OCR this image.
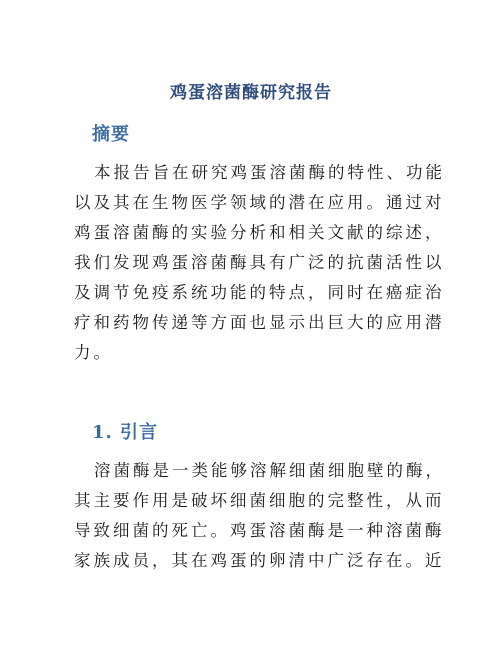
鸡蛋溶菌酶研究报告
摘要
本报告旨在研究鸡蛋溶菌酶的特性、功能
以及其在生物医学领域的潜在应用。通过对
鸡蛋溶菌酶的实验分析和相关文献的综述，
我们发现鸡蛋溶菌酶具有广泛的抗菌活性以
及调节免疫系统功能的特点，同时在癌症治
疗和药物传递等方面也显示出巨大的应用潜
力。
1. 引言
溶菌酶是一类能够溶解细菌细胞壁的酶，
其主要作用是破坏细菌细胞的完整性，从而
导致细菌的死亡。鸡蛋溶菌酶是一种溶菌酶
家族成员，其在鸡蛋的卵清中广泛存在。近
